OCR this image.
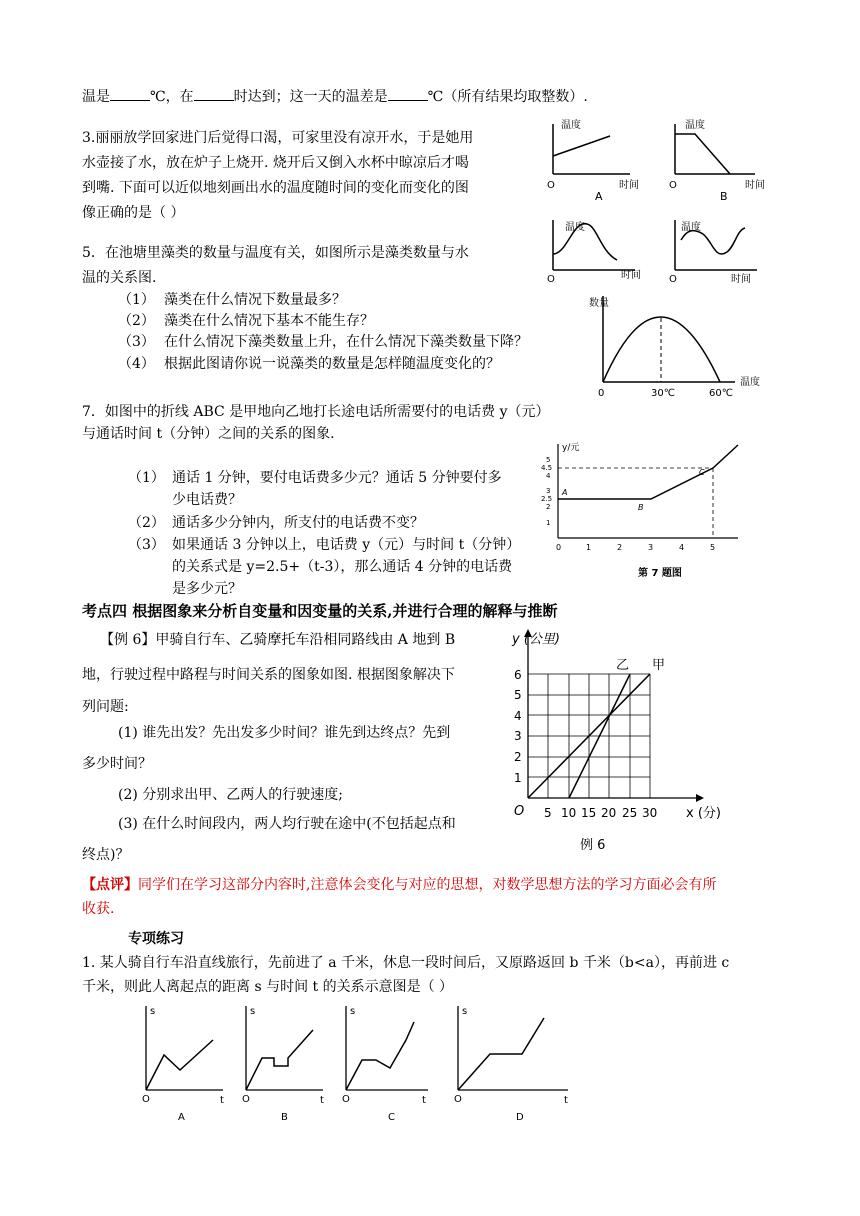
温是	℃，在	时达到；这一天的温差是	℃（所有结果均取整数）.
3.丽丽放学回家进门后觉得口渴，可家里没有凉开水，于是她用
水壶接了水，放在炉子上烧开. 烧开后又倒入水杯中晾凉后才喝
到嘴. 下面可以近似地刻画出水的温度随时间的变化而变化的图
像正确的是（ ）
温度
时间
O
A
温度
时间
O
B
温度
时间
O
温度
时间
O
5．在池塘里藻类的数量与温度有关，如图所示是藻类数量与水
温的关系图.
（1） 藻类在什么情况下数量最多？
（2） 藻类在什么情况下基本不能生存？
（3） 在什么情况下藻类数量上升，在什么情况下藻类数量下降？
（4） 根据此图请你说一说藻类的数量是怎样随温度变化的？
数量
温度
0	30℃	60℃
7．如图中的折线 ABC 是甲地向乙地打长途电话所需要付的电话费 y（元）
与通话时间 t（分钟）之间的关系的图象.
（1） 通话 1 分钟，要付电话费多少元？通话 5 分钟要付多
少电话费？
（2） 通话多少分钟内，所支付的电话费不变？
（3） 如果通话 3 分钟以上，电话费 y（元）与时间 t（分钟）
的关系式是 y=2.5+（t-3），那么通话 4 分钟的电话费
是多少元？
y/元
5
4.5
4
3
2.5
2
1
0	1	2	3	4	5
A
B
C
第 7 题图
考点四 根据图象来分析自变量和因变量的关系,并进行合理的解释与推断
【例 6】甲骑自行车、乙骑摩托车沿相同路线由 A 地到 B
地，行驶过程中路程与时间关系的图象如图. 根据图象解决下
列问题:
(1) 谁先出发？先出发多少时间？谁先到达终点？先到
多少时间？
(2) 分别求出甲、乙两人的行驶速度;
(3) 在什么时间段内，两人均行驶在途中(不包括起点和
终点)？
y (公里)
x (分)
O 5 10 15 20 25 30
1
2
3
4
5
6
乙 甲
例 6
【点评】同学们在学习这部分内容时,注意体会变化与对应的思想，对数学思想方法的学习方面必会有所
收获.
专项练习
1. 某人骑自行车沿直线旅行，先前进了 a 千米，休息一段时间后，又原路返回 b 千米（b<a），再前进 c
千米，则此人离起点的距离 s 与时间 t 的关系示意图是（ ）
s
t
O
A
s
t
O
B
s
t
O
C
s
t
O
D
